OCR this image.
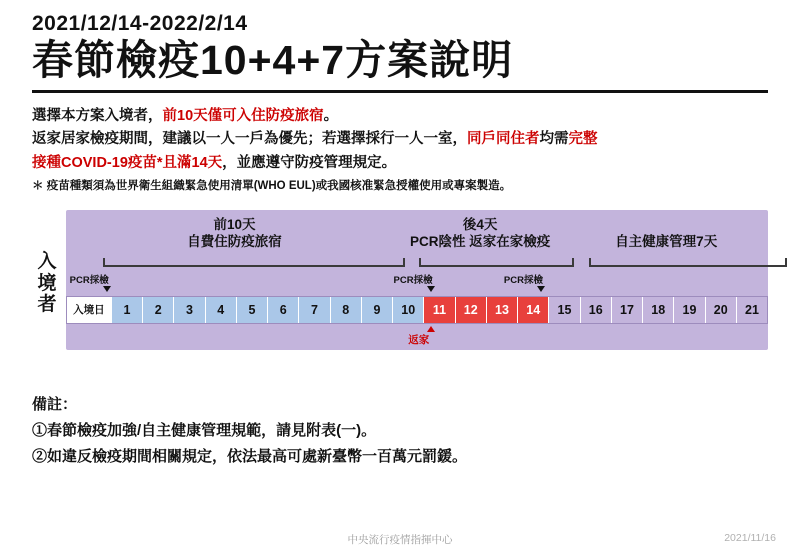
2021/12/14-2022/2/14
春節檢疫10+4+7方案說明
選擇本方案入境者，前10天僅可入住防疫旅宿。
返家居家檢疫期間，建議以一人一戶為優先；若選擇採行一人一室，同戶同住者均需完整
接種COVID-19疫苗*且滿14天，並應遵守防疫管理規定。
＊ 疫苗種類須為世界衛生組織緊急使用清單(WHO EUL)或我國核准緊急授權使用或專案製造。
入境者
前10天
自費住防疫旅宿
後4天
PCR陰性 返家在家檢疫	自主健康管理7天
PCR採檢	PCR採檢	PCR採檢
入境日	1	2	3	4	5	6	7	8	9	10	11	12	13	14	15	16	17	18	19	20	21
返家
備註：
①春節檢疫加強/自主健康管理規範，請見附表(一)。
②如違反檢疫期間相關規定，依法最高可處新臺幣一百萬元罰鍰。
中央流行疫情指揮中心	2021/11/16
